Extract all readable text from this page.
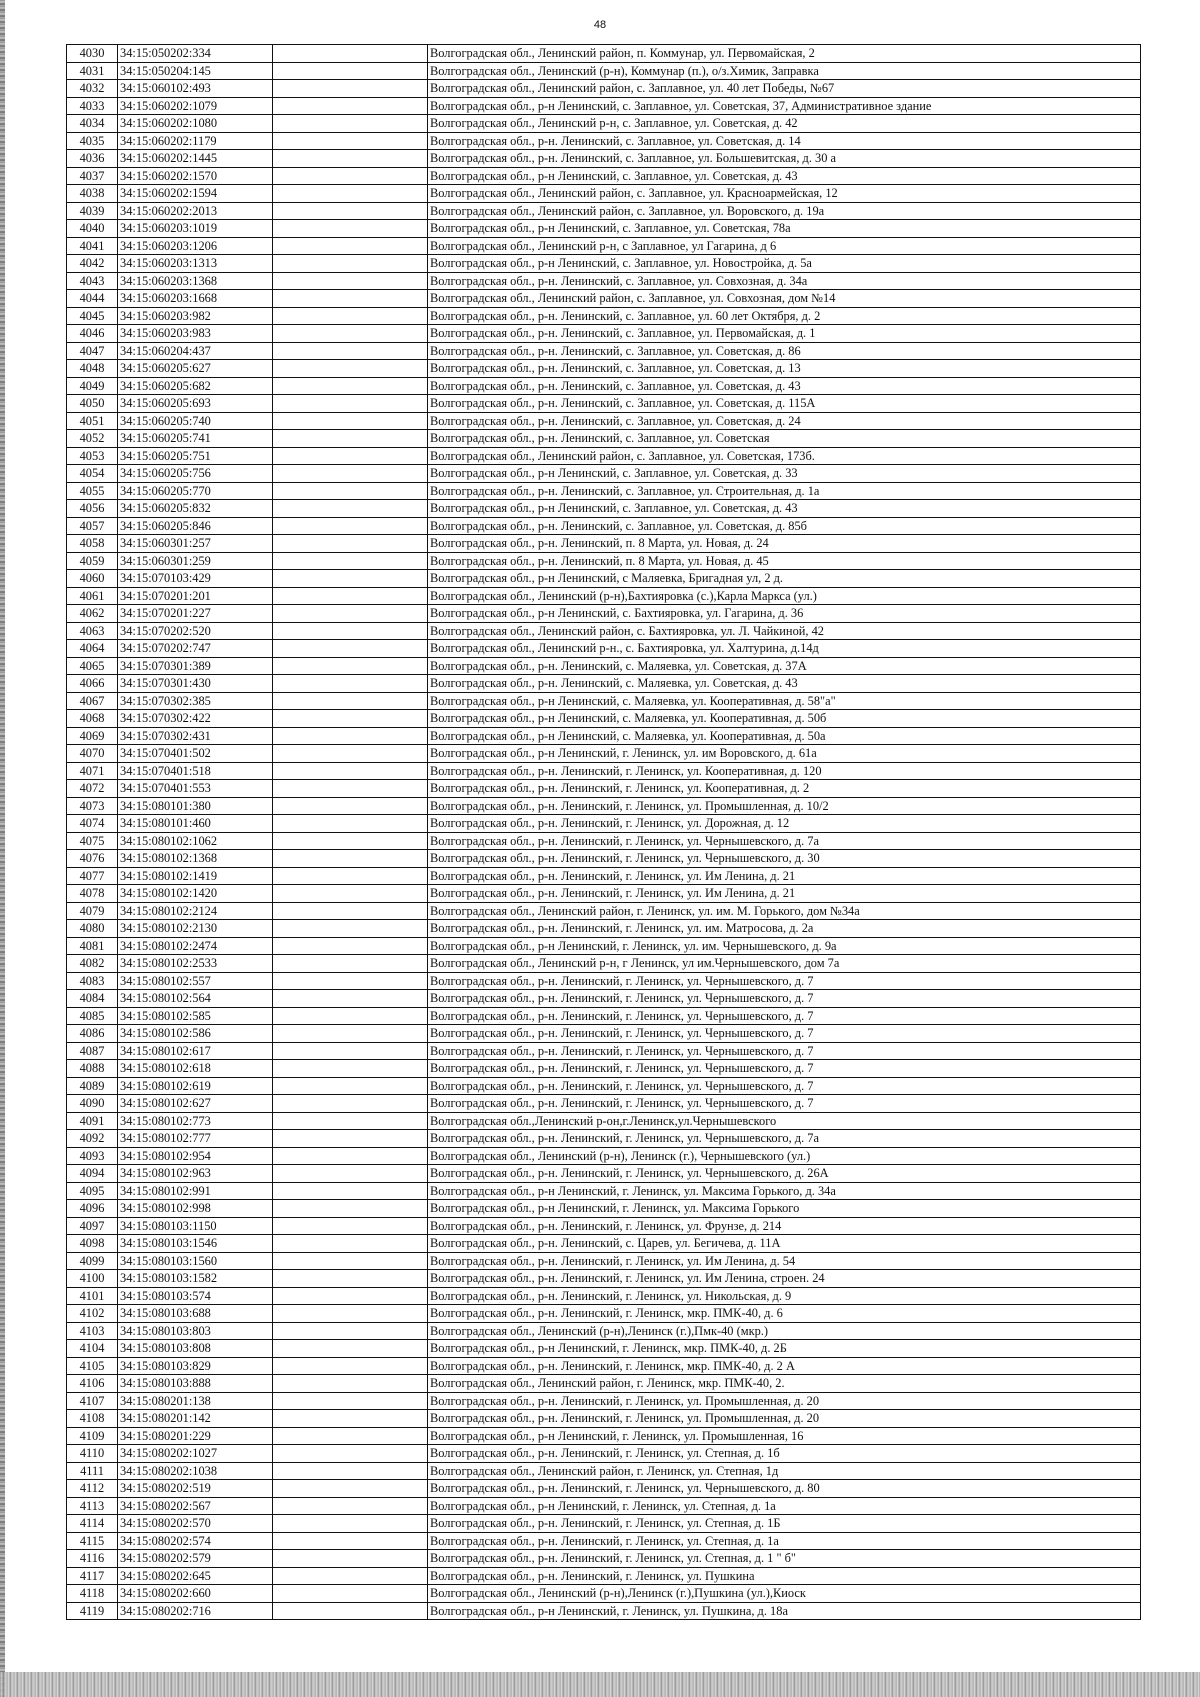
48
4030	34:15:050202:334		Волгоградская обл., Ленинский район, п. Коммунар, ул. Первомайская, 2
4031	34:15:050204:145		Волгоградская обл., Ленинский (р-н), Коммунар (п.), о/з.Химик, Заправка
4032	34:15:060102:493		Волгоградская обл., Ленинский район, с. Заплавное, ул. 40 лет Победы, №67
4033	34:15:060202:1079		Волгоградская обл., р-н Ленинский, с. Заплавное, ул. Советская, 37, Административное здание
4034	34:15:060202:1080		Волгоградская обл., Ленинский р-н, с. Заплавное, ул. Советская, д. 42
4035	34:15:060202:1179		Волгоградская обл., р-н. Ленинский, с. Заплавное, ул. Советская, д. 14
4036	34:15:060202:1445		Волгоградская обл., р-н. Ленинский, с. Заплавное, ул. Большевитская, д. 30 а
4037	34:15:060202:1570		Волгоградская обл., р-н Ленинский, с. Заплавное, ул. Советская, д. 43
4038	34:15:060202:1594		Волгоградская обл., Ленинский район, с. Заплавное, ул. Красноармейская, 12
4039	34:15:060202:2013		Волгоградская обл., Ленинский район, с. Заплавное, ул. Воровского, д. 19а
4040	34:15:060203:1019		Волгоградская обл., р-н Ленинский, с. Заплавное, ул. Советская, 78а
4041	34:15:060203:1206		Волгоградская обл., Ленинский р-н, с Заплавное, ул Гагарина, д 6
4042	34:15:060203:1313		Волгоградская обл., р-н Ленинский, с. Заплавное, ул. Новостройка, д. 5а
4043	34:15:060203:1368		Волгоградская обл., р-н. Ленинский, с. Заплавное, ул. Совхозная, д. 34а
4044	34:15:060203:1668		Волгоградская обл., Ленинский район, с. Заплавное, ул. Совхозная, дом №14
4045	34:15:060203:982		Волгоградская обл., р-н. Ленинский, с. Заплавное, ул. 60 лет Октября, д. 2
4046	34:15:060203:983		Волгоградская обл., р-н. Ленинский, с. Заплавное, ул. Первомайская, д. 1
4047	34:15:060204:437		Волгоградская обл., р-н. Ленинский, с. Заплавное, ул. Советская, д. 86
4048	34:15:060205:627		Волгоградская обл., р-н. Ленинский, с. Заплавное, ул. Советская, д. 13
4049	34:15:060205:682		Волгоградская обл., р-н. Ленинский, с. Заплавное, ул. Советская, д. 43
4050	34:15:060205:693		Волгоградская обл., р-н. Ленинский, с. Заплавное, ул. Советская, д. 115А
4051	34:15:060205:740		Волгоградская обл., р-н. Ленинский, с. Заплавное, ул. Советская, д. 24
4052	34:15:060205:741		Волгоградская обл., р-н. Ленинский, с. Заплавное, ул. Советская
4053	34:15:060205:751		Волгоградская обл., Ленинский район, с. Заплавное, ул. Советская, 173б.
4054	34:15:060205:756		Волгоградская обл., р-н Ленинский, с. Заплавное, ул. Советская, д. 33
4055	34:15:060205:770		Волгоградская обл., р-н. Ленинский, с. Заплавное, ул. Строительная, д. 1а
4056	34:15:060205:832		Волгоградская обл., р-н Ленинский, с. Заплавное, ул. Советская, д. 43
4057	34:15:060205:846		Волгоградская обл., р-н. Ленинский, с. Заплавное, ул. Советская, д. 85б
4058	34:15:060301:257		Волгоградская обл., р-н. Ленинский, п. 8 Марта, ул. Новая, д. 24
4059	34:15:060301:259		Волгоградская обл., р-н. Ленинский, п. 8 Марта, ул. Новая, д. 45
4060	34:15:070103:429		Волгоградская обл., р-н Ленинский, с Маляевка, Бригадная ул, 2 д.
4061	34:15:070201:201		Волгоградская обл., Ленинский (р-н),Бахтияровка (с.),Карла Маркса (ул.)
4062	34:15:070201:227		Волгоградская обл., р-н Ленинский, с. Бахтияровка, ул. Гагарина, д. 36
4063	34:15:070202:520		Волгоградская обл., Ленинский район, с. Бахтияровка, ул. Л. Чайкиной, 42
4064	34:15:070202:747		Волгоградская обл., Ленинский р-н., с. Бахтияровка, ул. Халтурина, д.14д
4065	34:15:070301:389		Волгоградская обл., р-н. Ленинский, с. Маляевка, ул. Советская, д. 37А
4066	34:15:070301:430		Волгоградская обл., р-н. Ленинский, с. Маляевка, ул. Советская, д. 43
4067	34:15:070302:385		Волгоградская обл., р-н Ленинский, с. Маляевка, ул. Кооперативная, д. 58"а"
4068	34:15:070302:422		Волгоградская обл., р-н Ленинский, с. Маляевка, ул. Кооперативная, д. 50б
4069	34:15:070302:431		Волгоградская обл., р-н Ленинский, с. Маляевка, ул. Кооперативная, д. 50а
4070	34:15:070401:502		Волгоградская обл., р-н Ленинский, г. Ленинск, ул. им Воровского, д. 61а
4071	34:15:070401:518		Волгоградская обл., р-н. Ленинский, г. Ленинск, ул. Кооперативная, д. 120
4072	34:15:070401:553		Волгоградская обл., р-н. Ленинский, г. Ленинск, ул. Кооперативная, д. 2
4073	34:15:080101:380		Волгоградская обл., р-н. Ленинский, г. Ленинск, ул. Промышленная, д. 10/2
4074	34:15:080101:460		Волгоградская обл., р-н. Ленинский, г. Ленинск, ул. Дорожная, д. 12
4075	34:15:080102:1062		Волгоградская обл., р-н. Ленинский, г. Ленинск, ул. Чернышевского, д. 7а
4076	34:15:080102:1368		Волгоградская обл., р-н. Ленинский, г. Ленинск, ул. Чернышевского, д. 30
4077	34:15:080102:1419		Волгоградская обл., р-н. Ленинский, г. Ленинск, ул. Им Ленина, д. 21
4078	34:15:080102:1420		Волгоградская обл., р-н. Ленинский, г. Ленинск, ул. Им Ленина, д. 21
4079	34:15:080102:2124		Волгоградская обл., Ленинский район, г. Ленинск, ул. им. М. Горького, дом №34а
4080	34:15:080102:2130		Волгоградская обл., р-н. Ленинский, г. Ленинск, ул. им. Матросова, д. 2а
4081	34:15:080102:2474		Волгоградская обл., р-н Ленинский, г. Ленинск, ул. им. Чернышевского, д. 9а
4082	34:15:080102:2533		Волгоградская обл., Ленинский р-н, г Ленинск, ул им.Чернышевского, дом 7а
4083	34:15:080102:557		Волгоградская обл., р-н. Ленинский, г. Ленинск, ул. Чернышевского, д. 7
4084	34:15:080102:564		Волгоградская обл., р-н. Ленинский, г. Ленинск, ул. Чернышевского, д. 7
4085	34:15:080102:585		Волгоградская обл., р-н. Ленинский, г. Ленинск, ул. Чернышевского, д. 7
4086	34:15:080102:586		Волгоградская обл., р-н. Ленинский, г. Ленинск, ул. Чернышевского, д. 7
4087	34:15:080102:617		Волгоградская обл., р-н. Ленинский, г. Ленинск, ул. Чернышевского, д. 7
4088	34:15:080102:618		Волгоградская обл., р-н. Ленинский, г. Ленинск, ул. Чернышевского, д. 7
4089	34:15:080102:619		Волгоградская обл., р-н. Ленинский, г. Ленинск, ул. Чернышевского, д. 7
4090	34:15:080102:627		Волгоградская обл., р-н. Ленинский, г. Ленинск, ул. Чернышевского, д. 7
4091	34:15:080102:773		Волгоградская обл.,Ленинский р-он,г.Ленинск,ул.Чернышевского
4092	34:15:080102:777		Волгоградская обл., р-н. Ленинский, г. Ленинск, ул. Чернышевского, д. 7а
4093	34:15:080102:954		Волгоградская обл., Ленинский (р-н), Ленинск (г.), Чернышевского (ул.)
4094	34:15:080102:963		Волгоградская обл., р-н. Ленинский, г. Ленинск, ул. Чернышевского, д. 26А
4095	34:15:080102:991		Волгоградская обл., р-н Ленинский, г. Ленинск, ул. Максима Горького, д. 34а
4096	34:15:080102:998		Волгоградская обл., р-н Ленинский, г. Ленинск, ул. Максима Горького
4097	34:15:080103:1150		Волгоградская обл., р-н. Ленинский, г. Ленинск, ул. Фрунзе, д. 214
4098	34:15:080103:1546		Волгоградская обл., р-н. Ленинский, с. Царев, ул. Бегичева, д. 11А
4099	34:15:080103:1560		Волгоградская обл., р-н. Ленинский, г. Ленинск, ул. Им Ленина, д. 54
4100	34:15:080103:1582		Волгоградская обл., р-н. Ленинский, г. Ленинск, ул. Им Ленина, строен. 24
4101	34:15:080103:574		Волгоградская обл., р-н. Ленинский, г. Ленинск, ул. Никольская, д. 9
4102	34:15:080103:688		Волгоградская обл., р-н. Ленинский, г. Ленинск, мкр. ПМК-40, д. 6
4103	34:15:080103:803		Волгоградская обл., Ленинский (р-н),Ленинск (г.),Пмк-40 (мкр.)
4104	34:15:080103:808		Волгоградская обл., р-н Ленинский, г. Ленинск, мкр. ПМК-40, д. 2Б
4105	34:15:080103:829		Волгоградская обл., р-н. Ленинский, г. Ленинск, мкр. ПМК-40, д. 2 А
4106	34:15:080103:888		Волгоградская обл., Ленинский район, г. Ленинск, мкр. ПМК-40, 2.
4107	34:15:080201:138		Волгоградская обл., р-н. Ленинский, г. Ленинск, ул. Промышленная, д. 20
4108	34:15:080201:142		Волгоградская обл., р-н. Ленинский, г. Ленинск, ул. Промышленная, д. 20
4109	34:15:080201:229		Волгоградская обл., р-н Ленинский, г. Ленинск, ул. Промышленная, 16
4110	34:15:080202:1027		Волгоградская обл., р-н. Ленинский, г. Ленинск, ул. Степная, д. 1б
4111	34:15:080202:1038		Волгоградская обл., Ленинский район, г. Ленинск, ул. Степная, 1д
4112	34:15:080202:519		Волгоградская обл., р-н. Ленинский, г. Ленинск, ул. Чернышевского, д. 80
4113	34:15:080202:567		Волгоградская обл., р-н Ленинский, г. Ленинск, ул. Степная, д. 1а
4114	34:15:080202:570		Волгоградская обл., р-н. Ленинский, г. Ленинск, ул. Степная, д. 1Б
4115	34:15:080202:574		Волгоградская обл., р-н. Ленинский, г. Ленинск, ул. Степная, д. 1а
4116	34:15:080202:579		Волгоградская обл., р-н. Ленинский, г. Ленинск, ул. Степная, д. 1 " б"
4117	34:15:080202:645		Волгоградская обл., р-н. Ленинский, г. Ленинск, ул. Пушкина
4118	34:15:080202:660		Волгоградская обл., Ленинский (р-н),Ленинск (г.),Пушкина (ул.),Киоск
4119	34:15:080202:716		Волгоградская обл., р-н Ленинский, г. Ленинск, ул. Пушкина, д. 18а
